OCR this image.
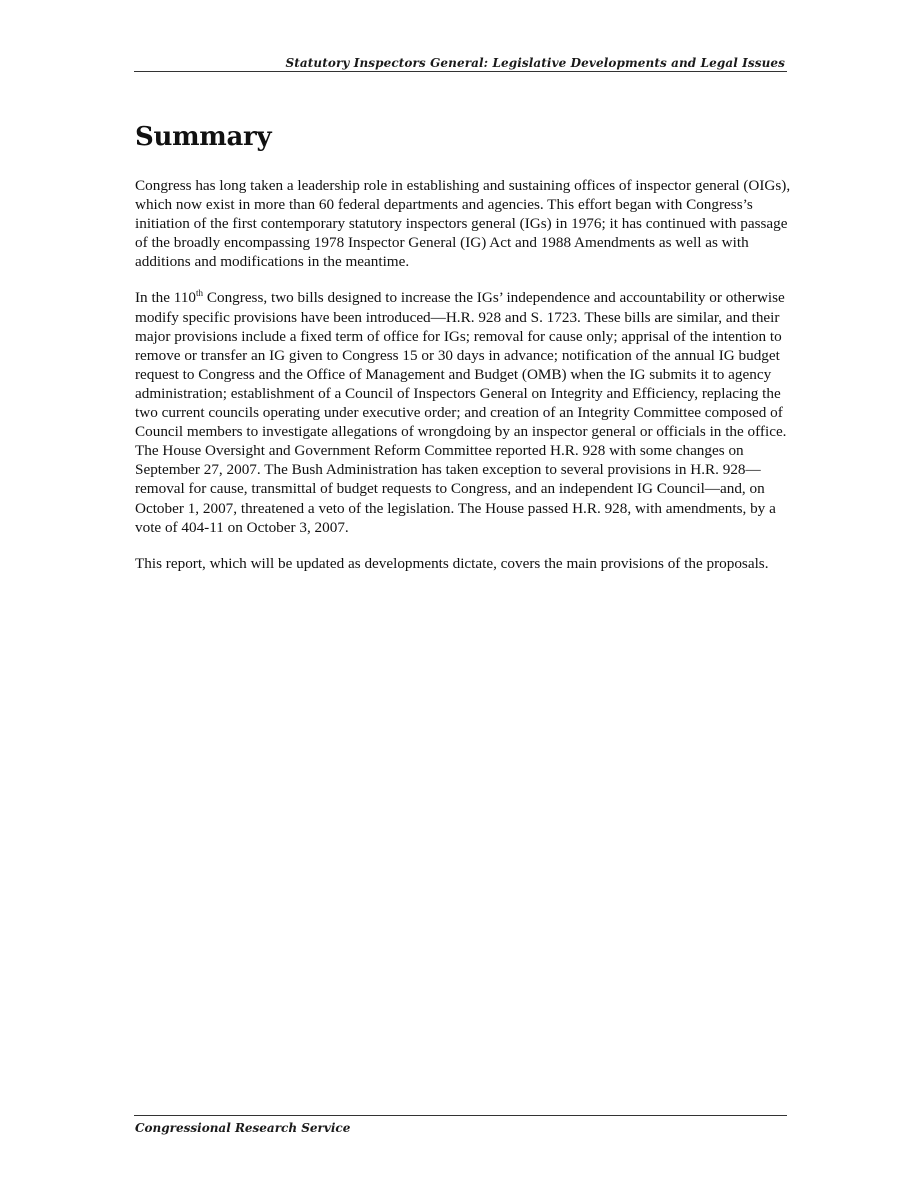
Statutory Inspectors General: Legislative Developments and Legal Issues
Summary

Congress has long taken a leadership role in establishing and sustaining offices of inspector general (OIGs), which now exist in more than 60 federal departments and agencies. This effort began with Congress’s initiation of the first contemporary statutory inspectors general (IGs) in 1976; it has continued with passage of the broadly encompassing 1978 Inspector General (IG) Act and 1988 Amendments as well as with additions and modifications in the meantime.

In the 110th Congress, two bills designed to increase the IGs’ independence and accountability or otherwise modify specific provisions have been introduced—H.R. 928 and S. 1723. These bills are similar, and their major provisions include a fixed term of office for IGs; removal for cause only; apprisal of the intention to remove or transfer an IG given to Congress 15 or 30 days in advance; notification of the annual IG budget request to Congress and the Office of Management and Budget (OMB) when the IG submits it to agency administration; establishment of a Council of Inspectors General on Integrity and Efficiency, replacing the two current councils operating under executive order; and creation of an Integrity Committee composed of Council members to investigate allegations of wrongdoing by an inspector general or officials in the office. The House Oversight and Government Reform Committee reported H.R. 928 with some changes on September 27, 2007. The Bush Administration has taken exception to several provisions in H.R. 928—removal for cause, transmittal of budget requests to Congress, and an independent IG Council—and, on October 1, 2007, threatened a veto of the legislation. The House passed H.R. 928, with amendments, by a vote of 404-11 on October 3, 2007.

This report, which will be updated as developments dictate, covers the main provisions of the proposals.

Congressional Research Service
